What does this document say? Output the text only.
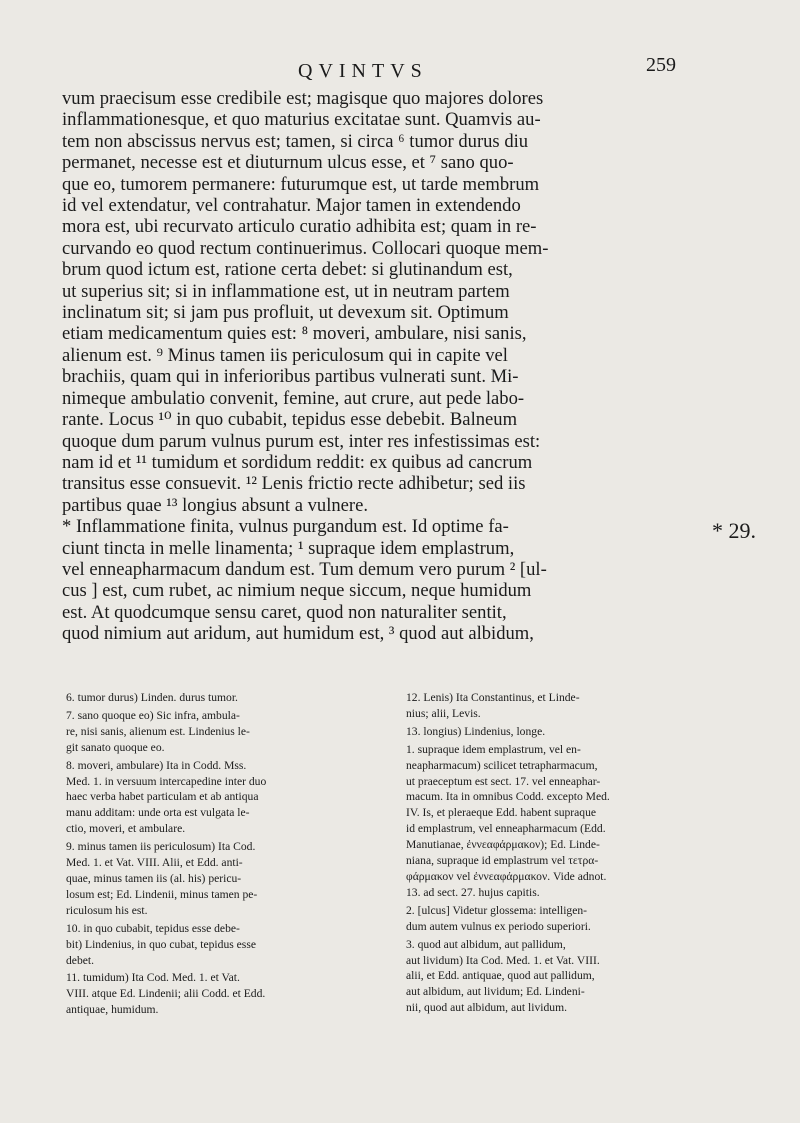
QVINTVS	259
* 29.
vum praecisum esse credibile est; magisque quo majores dolores
inflammationesque, et quo maturius excitatae sunt. Quamvis au-
tem non abscissus nervus est; tamen, si circa ⁶ tumor durus diu
permanet, necesse est et diuturnum ulcus esse, et ⁷ sano quo-
que eo, tumorem permanere: futurumque est, ut tarde membrum
id vel extendatur, vel contrahatur. Major tamen in extendendo
mora est, ubi recurvato articulo curatio adhibita est; quam in re-
curvando eo quod rectum continuerimus. Collocari quoque mem-
brum quod ictum est, ratione certa debet: si glutinandum est,
ut superius sit; si in inflammatione est, ut in neutram partem
inclinatum sit; si jam pus profluit, ut devexum sit. Optimum
etiam medicamentum quies est: ⁸ moveri, ambulare, nisi sanis,
alienum est. ⁹ Minus tamen iis periculosum qui in capite vel
brachiis, quam qui in inferioribus partibus vulnerati sunt. Mi-
nimeque ambulatio convenit, femine, aut crure, aut pede labo-
rante. Locus ¹⁰ in quo cubabit, tepidus esse debebit. Balneum
quoque dum parum vulnus purum est, inter res infestissimas est:
nam id et ¹¹ tumidum et sordidum reddit: ex quibus ad cancrum
transitus esse consuevit. ¹² Lenis frictio recte adhibetur; sed iis
partibus quae ¹³ longius absunt a vulnere.
* Inflammatione finita, vulnus purgandum est. Id optime fa-
ciunt tincta in melle linamenta; ¹ supraque idem emplastrum,
vel enneapharmacum dandum est. Tum demum vero purum ² [ul-
cus ] est, cum rubet, ac nimium neque siccum, neque humidum
est. At quodcumque sensu caret, quod non naturaliter sentit,
quod nimium aut aridum, aut humidum est, ³ quod aut albidum,
6. tumor durus) Linden. durus tumor.
7. sano quoque eo) Sic infra, ambula-
re, nisi sanis, alienum est. Lindenius le-
git sanato quoque eo.
8. moveri, ambulare) Ita in Codd. Mss.
Med. 1. in versuum intercapedine inter duo
haec verba habet particulam et ab antiqua
manu additam: unde orta est vulgata le-
ctio, moveri, et ambulare.
9. minus tamen iis periculosum) Ita Cod.
Med. 1. et Vat. VIII. Alii, et Edd. anti-
quae, minus tamen iis (al. his) pericu-
losum est; Ed. Lindenii, minus tamen pe-
riculosum his est.
10. in quo cubabit, tepidus esse debe-
bit) Lindenius, in quo cubat, tepidus esse
debet.
11. tumidum) Ita Cod. Med. 1. et Vat.
VIII. atque Ed. Lindenii; alii Codd. et Edd.
antiquae, humidum.
12. Lenis) Ita Constantinus, et Linde-
nius; alii, Levis.
13. longius) Lindenius, longe.
1. supraque idem emplastrum, vel en-
neapharmacum) scilicet tetrapharmacum,
ut praeceptum est sect. 17. vel enneaphar-
macum. Ita in omnibus Codd. excepto Med.
IV. Is, et pleraeque Edd. habent supraque
id emplastrum, vel enneapharmacum (Edd.
Manutianae, ἐννεαφάρμακον); Ed. Linde-
niana, supraque id emplastrum vel τετρα-
φάρμακον vel ἐννεαφάρμακον. Vide adnot.
13. ad sect. 27. hujus capitis.
2. [ulcus] Videtur glossema: intelligen-
dum autem vulnus ex periodo superiori.
3. quod aut albidum, aut pallidum,
aut lividum) Ita Cod. Med. 1. et Vat. VIII.
alii, et Edd. antiquae, quod aut pallidum,
aut albidum, aut lividum; Ed. Lindeni-
nii, quod aut albidum, aut lividum.
